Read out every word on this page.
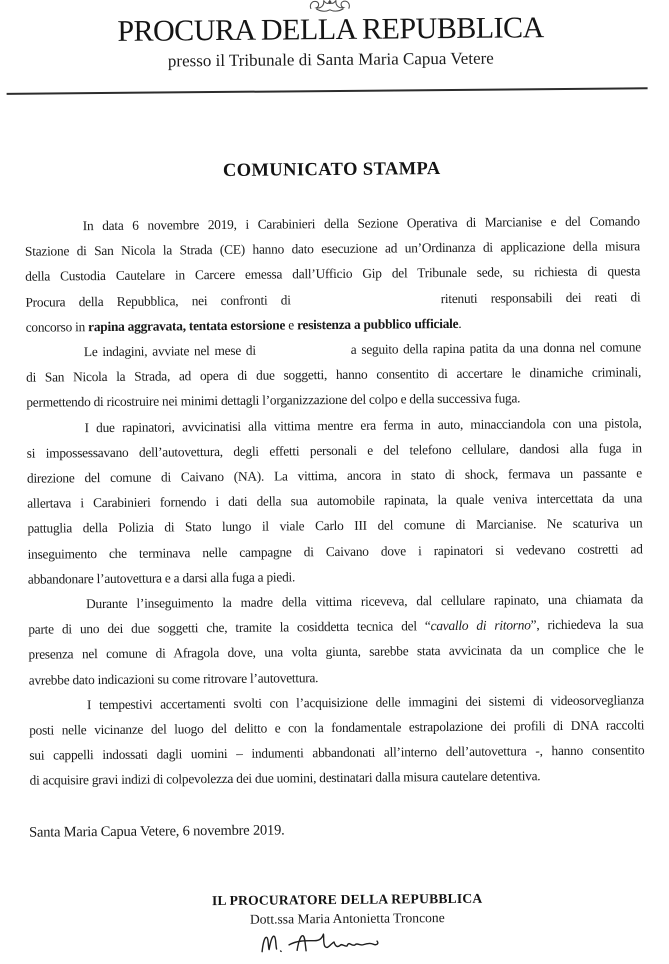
PROCURA DELLA REPUBBLICA
presso il Tribunale di Santa Maria Capua Vetere
COMUNICATO STAMPA
In data 6 novembre 2019, i Carabinieri della Sezione Operativa di Marcianise e del Comando
Stazione di San Nicola la Strada (CE) hanno dato esecuzione ad un’Ordinanza di applicazione della misura
della Custodia Cautelare in Carcere emessa dall’Ufficio Gip del Tribunale sede, su richiesta di questa
Procura della Repubblica, nei confronti di	ritenuti responsabili dei reati di
concorso in rapina aggravata, tentata estorsione e resistenza a pubblico ufficiale.
Le indagini, avviate nel mese di	a seguito della rapina patita da una donna nel comune
di San Nicola la Strada, ad opera di due soggetti, hanno consentito di accertare le dinamiche criminali,
permettendo di ricostruire nei minimi dettagli l’organizzazione del colpo e della successiva fuga.
I due rapinatori, avvicinatisi alla vittima mentre era ferma in auto, minacciandola con una pistola,
si impossessavano dell’autovettura, degli effetti personali e del telefono cellulare, dandosi alla fuga in
direzione del comune di Caivano (NA). La vittima, ancora in stato di shock, fermava un passante e
allertava i Carabinieri fornendo i dati della sua automobile rapinata, la quale veniva intercettata da una
pattuglia della Polizia di Stato lungo il viale Carlo III del comune di Marcianise. Ne scaturiva un
inseguimento che terminava nelle campagne di Caivano dove i rapinatori si vedevano costretti ad
abbandonare l’autovettura e a darsi alla fuga a piedi.
Durante l’inseguimento la madre della vittima riceveva, dal cellulare rapinato, una chiamata da
parte di uno dei due soggetti che, tramite la cosiddetta tecnica del “cavallo di ritorno”, richiedeva la sua
presenza nel comune di Afragola dove, una volta giunta, sarebbe stata avvicinata da un complice che le
avrebbe dato indicazioni su come ritrovare l’autovettura.
I tempestivi accertamenti svolti con l’acquisizione delle immagini dei sistemi di videosorveglianza
posti nelle vicinanze del luogo del delitto e con la fondamentale estrapolazione dei profili di DNA raccolti
sui cappelli indossati dagli uomini – indumenti abbandonati all’interno dell’autovettura -, hanno consentito
di acquisire gravi indizi di colpevolezza dei due uomini, destinatari dalla misura cautelare detentiva.
Santa Maria Capua Vetere, 6 novembre 2019.
IL PROCURATORE DELLA REPUBBLICA
Dott.ssa Maria Antonietta Troncone
